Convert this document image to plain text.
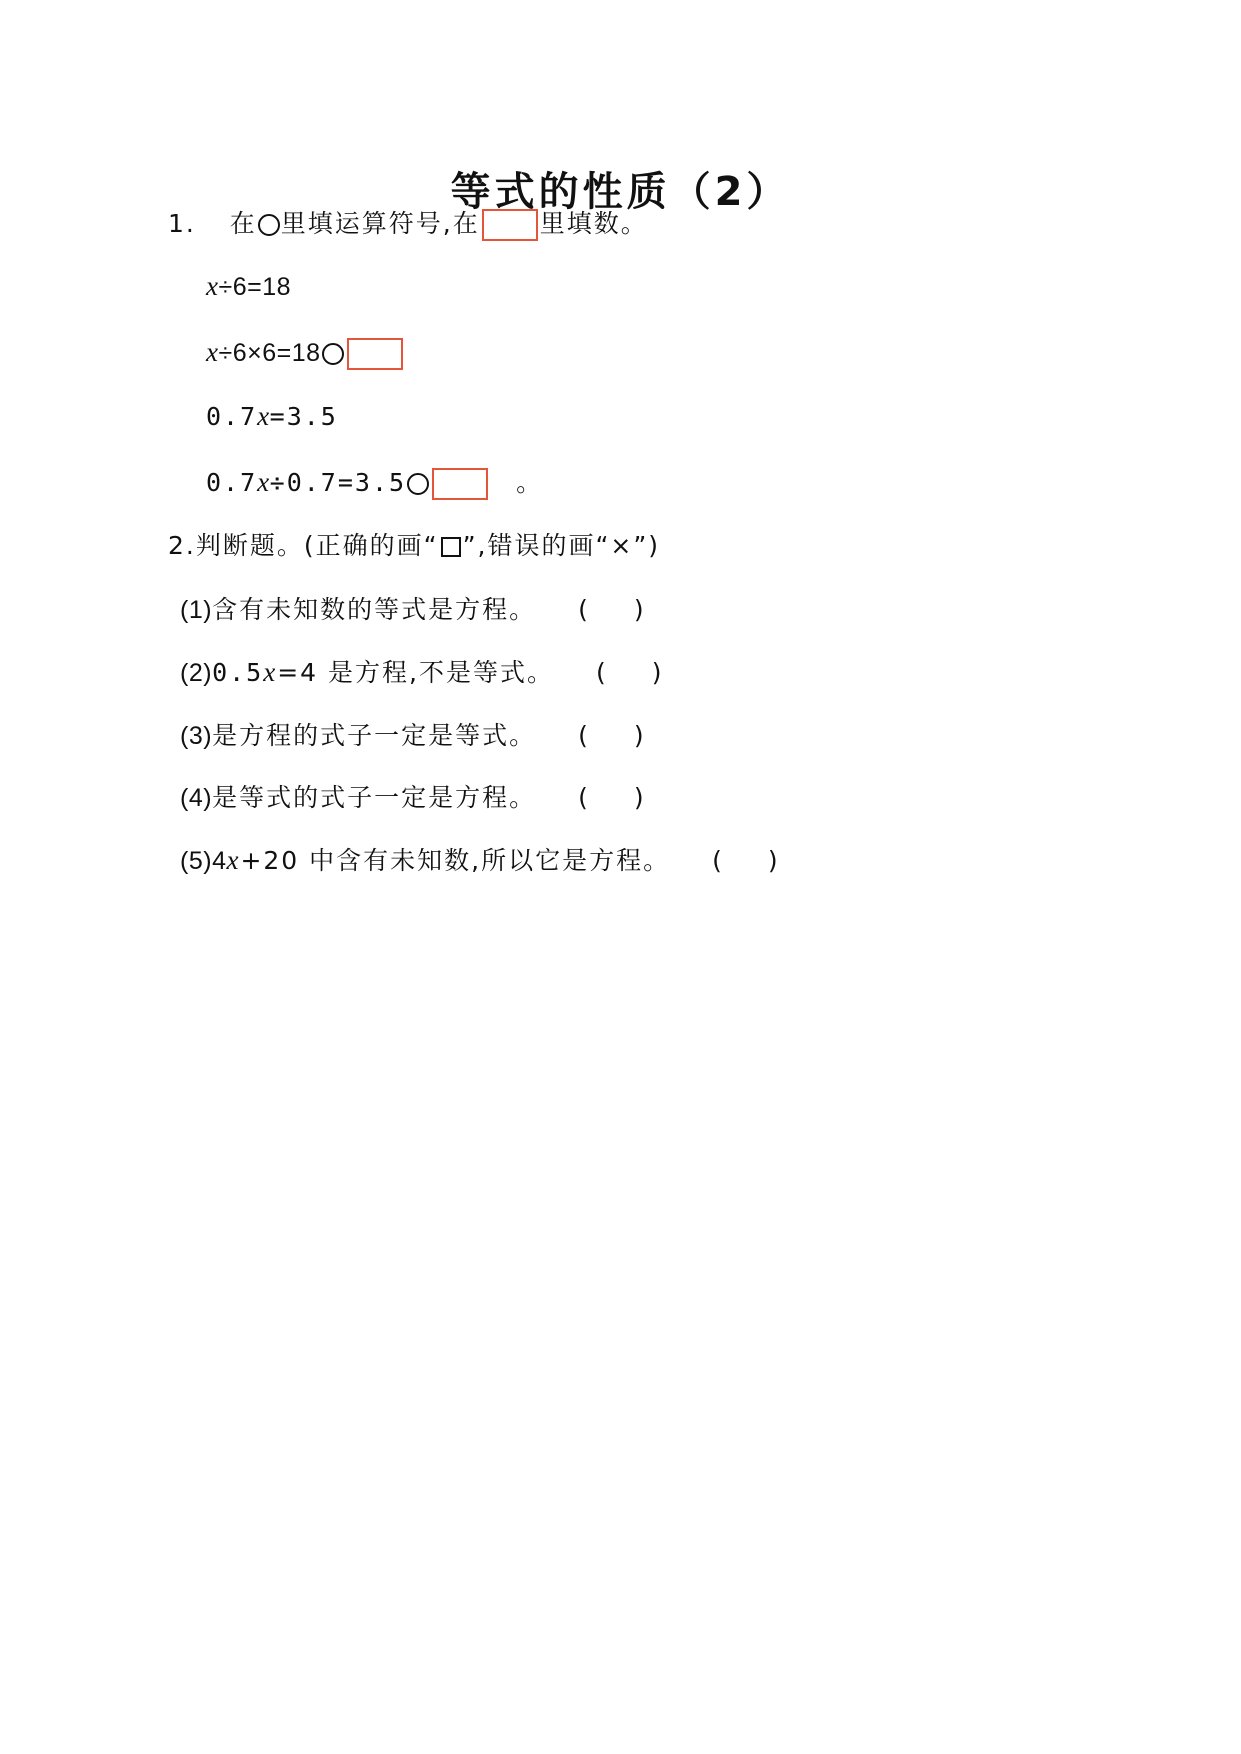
等式的性质（2）
1. 在 里填运算符号,在 里填数。
x÷6=18
x÷6×6=18
0.7x=3.5
0.7x÷0.7=3.5	。
2.判断题。(正确的画“ ”,错误的画“×”)
(1)含有未知数的等式是方程。 ( )
(2)0.5x=4 是方程,不是等式。 ( )
(3)是方程的式子一定是等式。 ( )
(4)是等式的式子一定是方程。 ( )
(5)4x+20 中含有未知数,所以它是方程。 ( )
